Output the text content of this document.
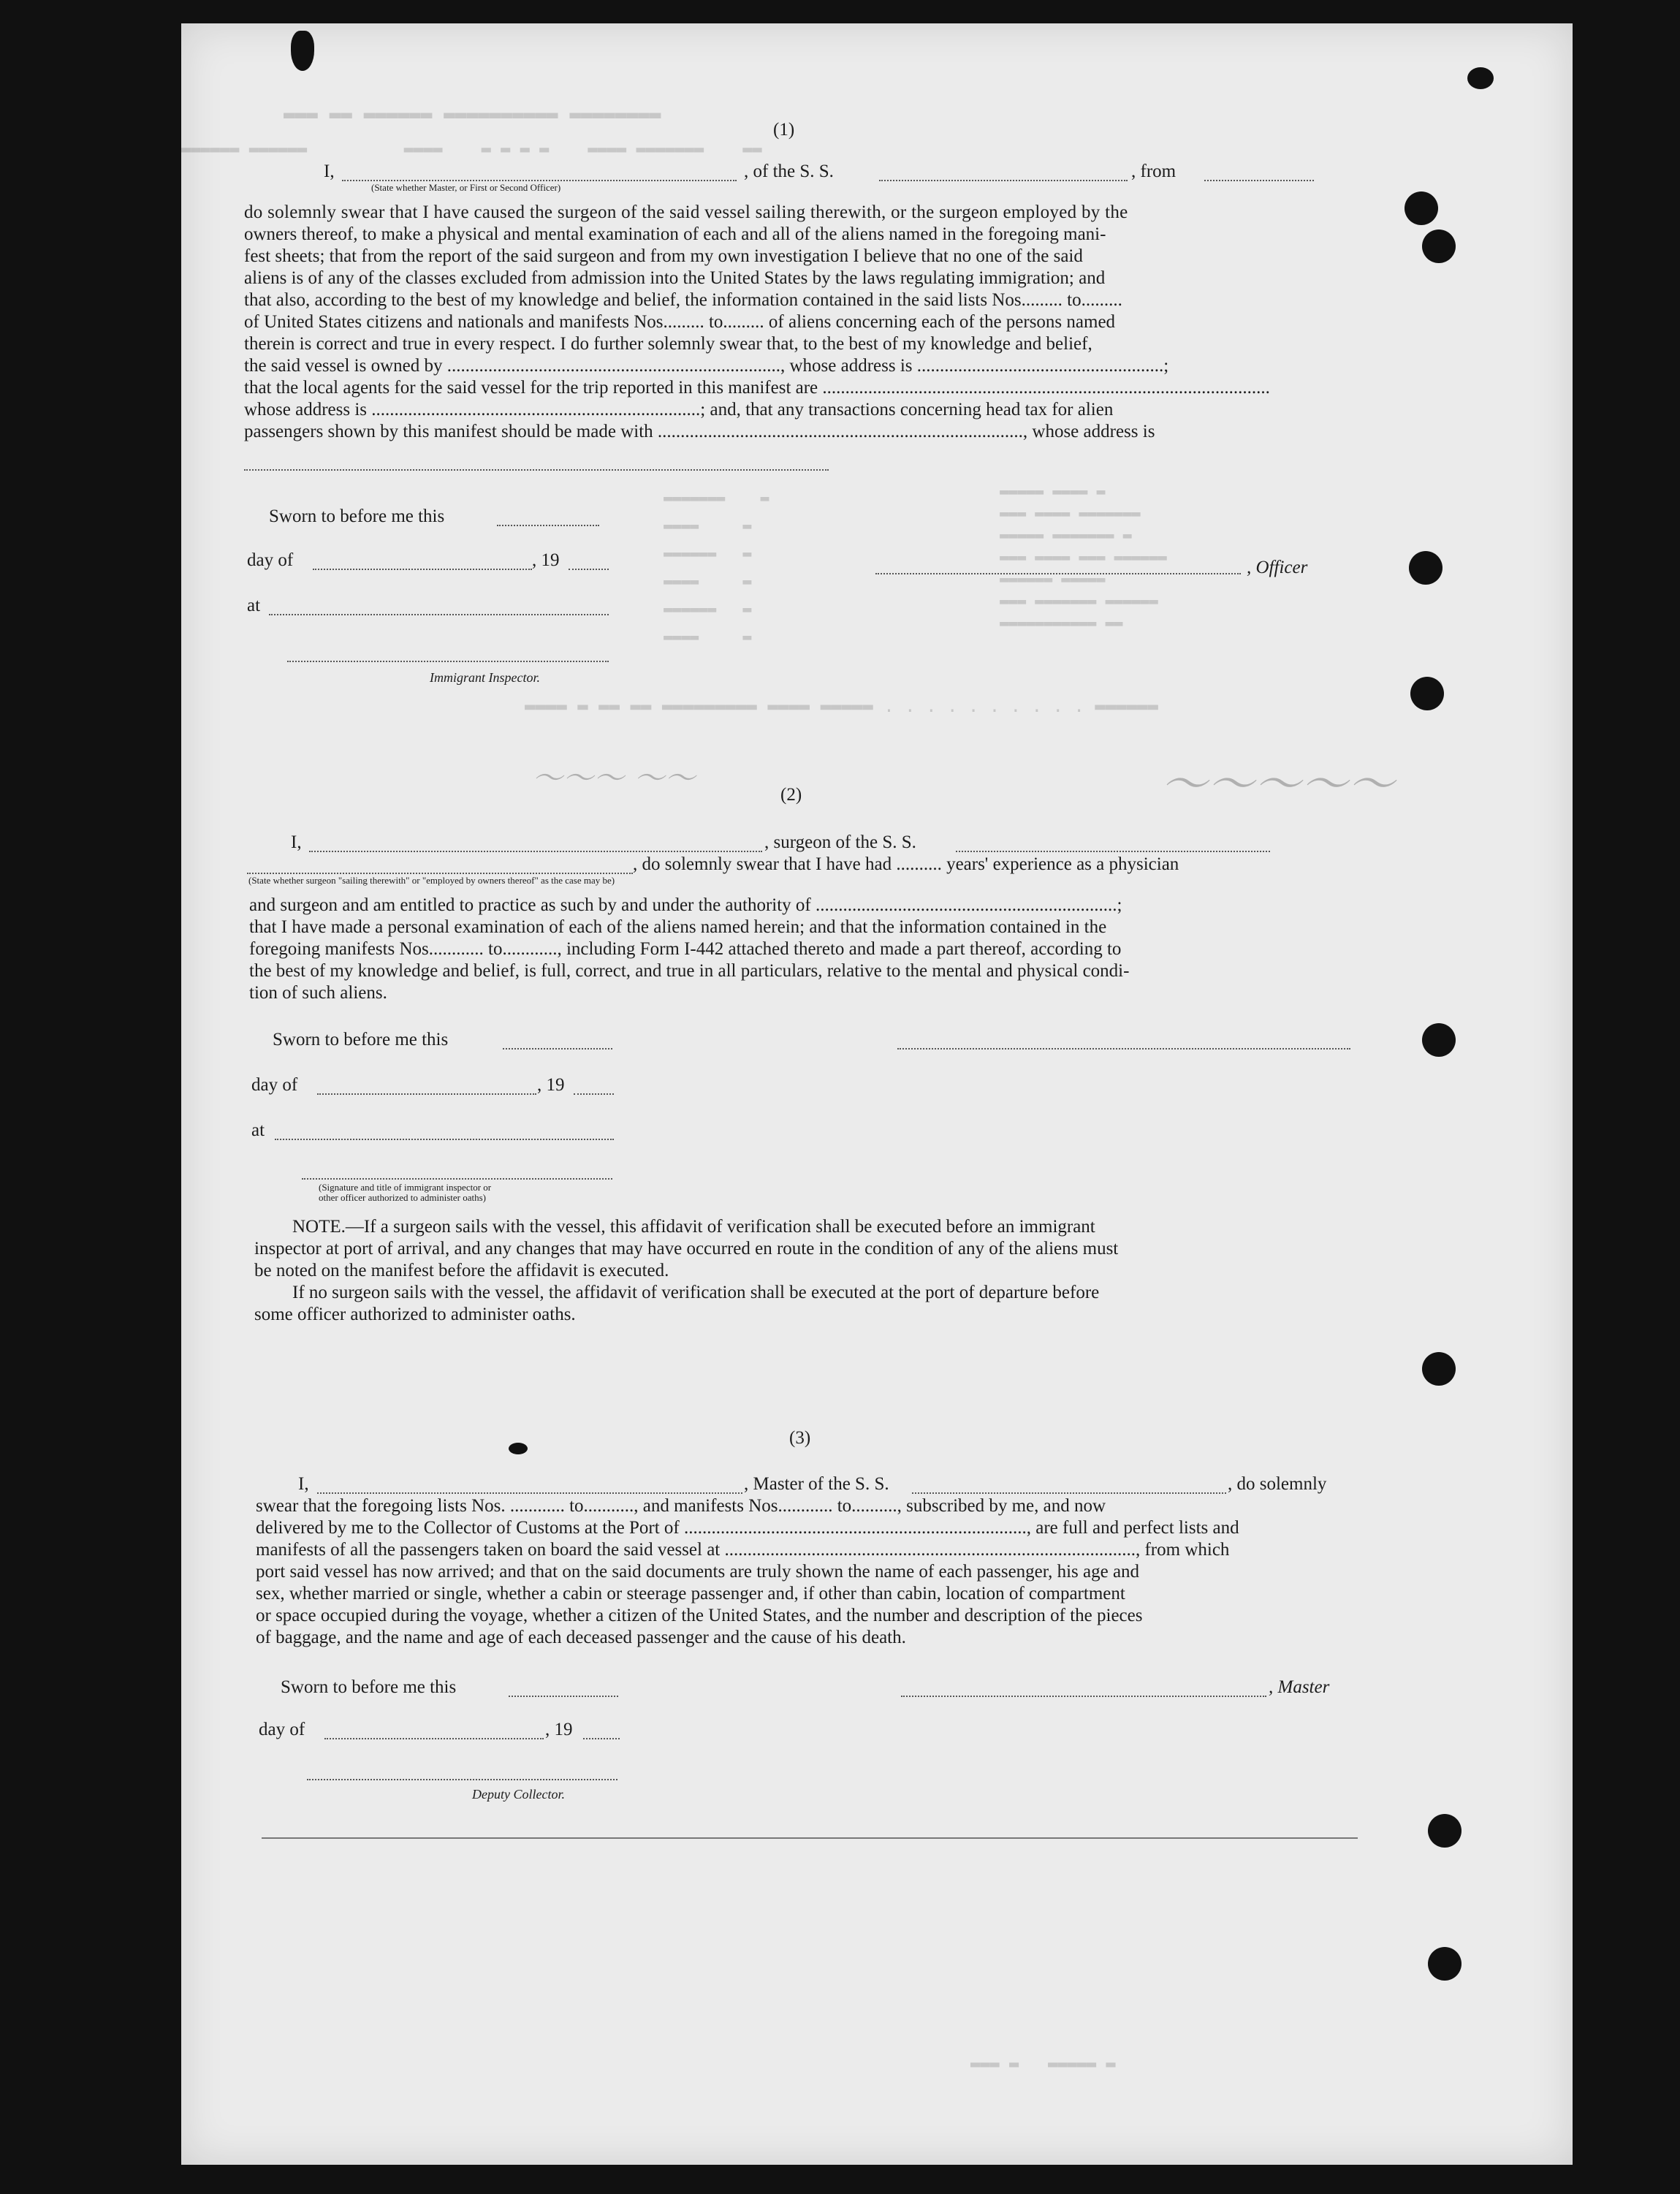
▬▬▬ ▬▬ ▬▬▬▬▬▬ ▬▬▬▬▬▬▬▬▬▬ ▬▬▬▬▬▬▬▬
▬▬▬▬▬▬ ▬▬▬▬▬▬          ▬▬▬▬    ▬ ▬ ▬ ▬    ▬▬▬▬ ▬▬▬▬▬▬▬    ▬▬
▬▬▬▬▬ ▬▬▬▬ ▬
▬▬▬ ▬▬▬▬ ▬▬▬▬▬▬▬
▬▬▬▬▬ ▬▬▬▬▬▬▬ ▬
▬▬▬ ▬▬▬▬ ▬▬▬ ▬▬▬▬▬▬
▬▬▬▬▬▬ ▬▬▬▬▬
▬▬▬ ▬▬▬▬▬▬▬ ▬▬▬▬▬▬
▬▬▬▬▬▬▬▬▬▬▬ ▬▬
▬▬▬▬▬▬▬    ▬
▬▬▬▬     ▬
▬▬▬▬▬▬   ▬
▬▬▬▬     ▬
▬▬▬▬▬▬   ▬
▬▬▬▬     ▬
▬▬▬▬ ▬ ▬▬ ▬▬ ▬▬▬▬▬▬▬▬▬ ▬▬▬▬ ▬▬▬▬▬ . . . . . . . . . . ▬▬▬▬▬▬
▬▬▬ ▬   ▬▬▬▬▬ ▬
～～～～～
～～～ ～～
(1)
I,	, of the S. S.	, from
(State whether Master, or First or Second Officer)
do solemnly swear that I have caused the surgeon of the said vessel sailing therewith, or the surgeon employed by the
owners thereof, to make a physical and mental examination of each and all of the aliens named in the foregoing mani-
fest sheets; that from the report of the said surgeon and from my own investigation I believe that no one of the said
aliens is of any of the classes excluded from admission into the United States by the laws regulating immigration; and
that also, according to the best of my knowledge and belief, the information contained in the said lists Nos......... to.........
of United States citizens and nationals and manifests Nos......... to......... of aliens concerning each of the persons named
therein is correct and true in every respect. I do further solemnly swear that, to the best of my knowledge and belief,
the said vessel is owned by ........................................................................., whose address is ......................................................;
that the local agents for the said vessel for the trip reported in this manifest are ..................................................................................................
whose address is ........................................................................; and, that any transactions concerning head tax for alien
passengers shown by this manifest should be made with ................................................................................, whose address is
Sworn to before me this
day of	, 19
at
Immigrant Inspector.
, Officer
(2)
I,	, surgeon of the S. S.
, do solemnly swear that I have had .......... years' experience as a physician
(State whether surgeon "sailing therewith" or "employed by owners thereof" as the case may be)
and surgeon and am entitled to practice as such by and under the authority of ..................................................................;
that I have made a personal examination of each of the aliens named herein; and that the information contained in the
foregoing manifests Nos............ to............, including Form I-442 attached thereto and made a part thereof, according to
the best of my knowledge and belief, is full, correct, and true in all particulars, relative to the mental and physical condi-
tion of such aliens.
Sworn to before me this
day of	, 19
at
(Signature and title of immigrant inspector or
other officer authorized to administer oaths)
NOTE.—If a surgeon sails with the vessel, this affidavit of verification shall be executed before an immigrant
inspector at port of arrival, and any changes that may have occurred en route in the condition of any of the aliens must
be noted on the manifest before the affidavit is executed.
If no surgeon sails with the vessel, the affidavit of verification shall be executed at the port of departure before
some officer authorized to administer oaths.
(3)
I,	, Master of the S. S.	, do solemnly
swear that the foregoing lists Nos. ............ to..........., and manifests Nos............ to.........., subscribed by me, and now
delivered by me to the Collector of Customs at the Port of ..........................................................................., are full and perfect lists and
manifests of all the passengers taken on board the said vessel at .........................................................................................., from which
port said vessel has now arrived; and that on the said documents are truly shown the name of each passenger, his age and
sex, whether married or single, whether a cabin or steerage passenger and, if other than cabin, location of compartment
or space occupied during the voyage, whether a citizen of the United States, and the number and description of the pieces
of baggage, and the name and age of each deceased passenger and the cause of his death.
Sworn to before me this	, Master
day of	, 19
Deputy Collector.
